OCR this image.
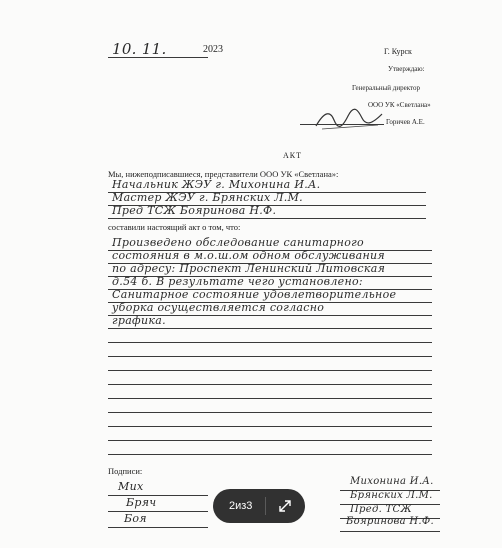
10. 11.	2023	Г. Курск
Утверждаю:
Генеральный директор
ООО УК «Светлана»
Горичев А.Е.
АКТ
Мы, нижеподписавшиеся, представители ООО УК «Светлана»:
Начальник ЖЭУ г. Михонина И.А.
Мастер ЖЭУ г. Брянских Л.М.
Пред ТСЖ Бояринова Н.Ф.
составили настоящий акт о том, что:
Произведено обследование санитарного
состояния в м.о.ш.ом одном обслуживания
по адресу: Проспект Ленинский Литовская
д.54 б. В результате чего установлено:
Санитарное состояние удовлетворительное
уборка осуществляется согласно
графика.
Подписи:
Мих
Бряч
Боя
Михонина И.А.
Брянских Л.М.
Пред. ТСЖ
Бояринова Н.Ф.
2из3
